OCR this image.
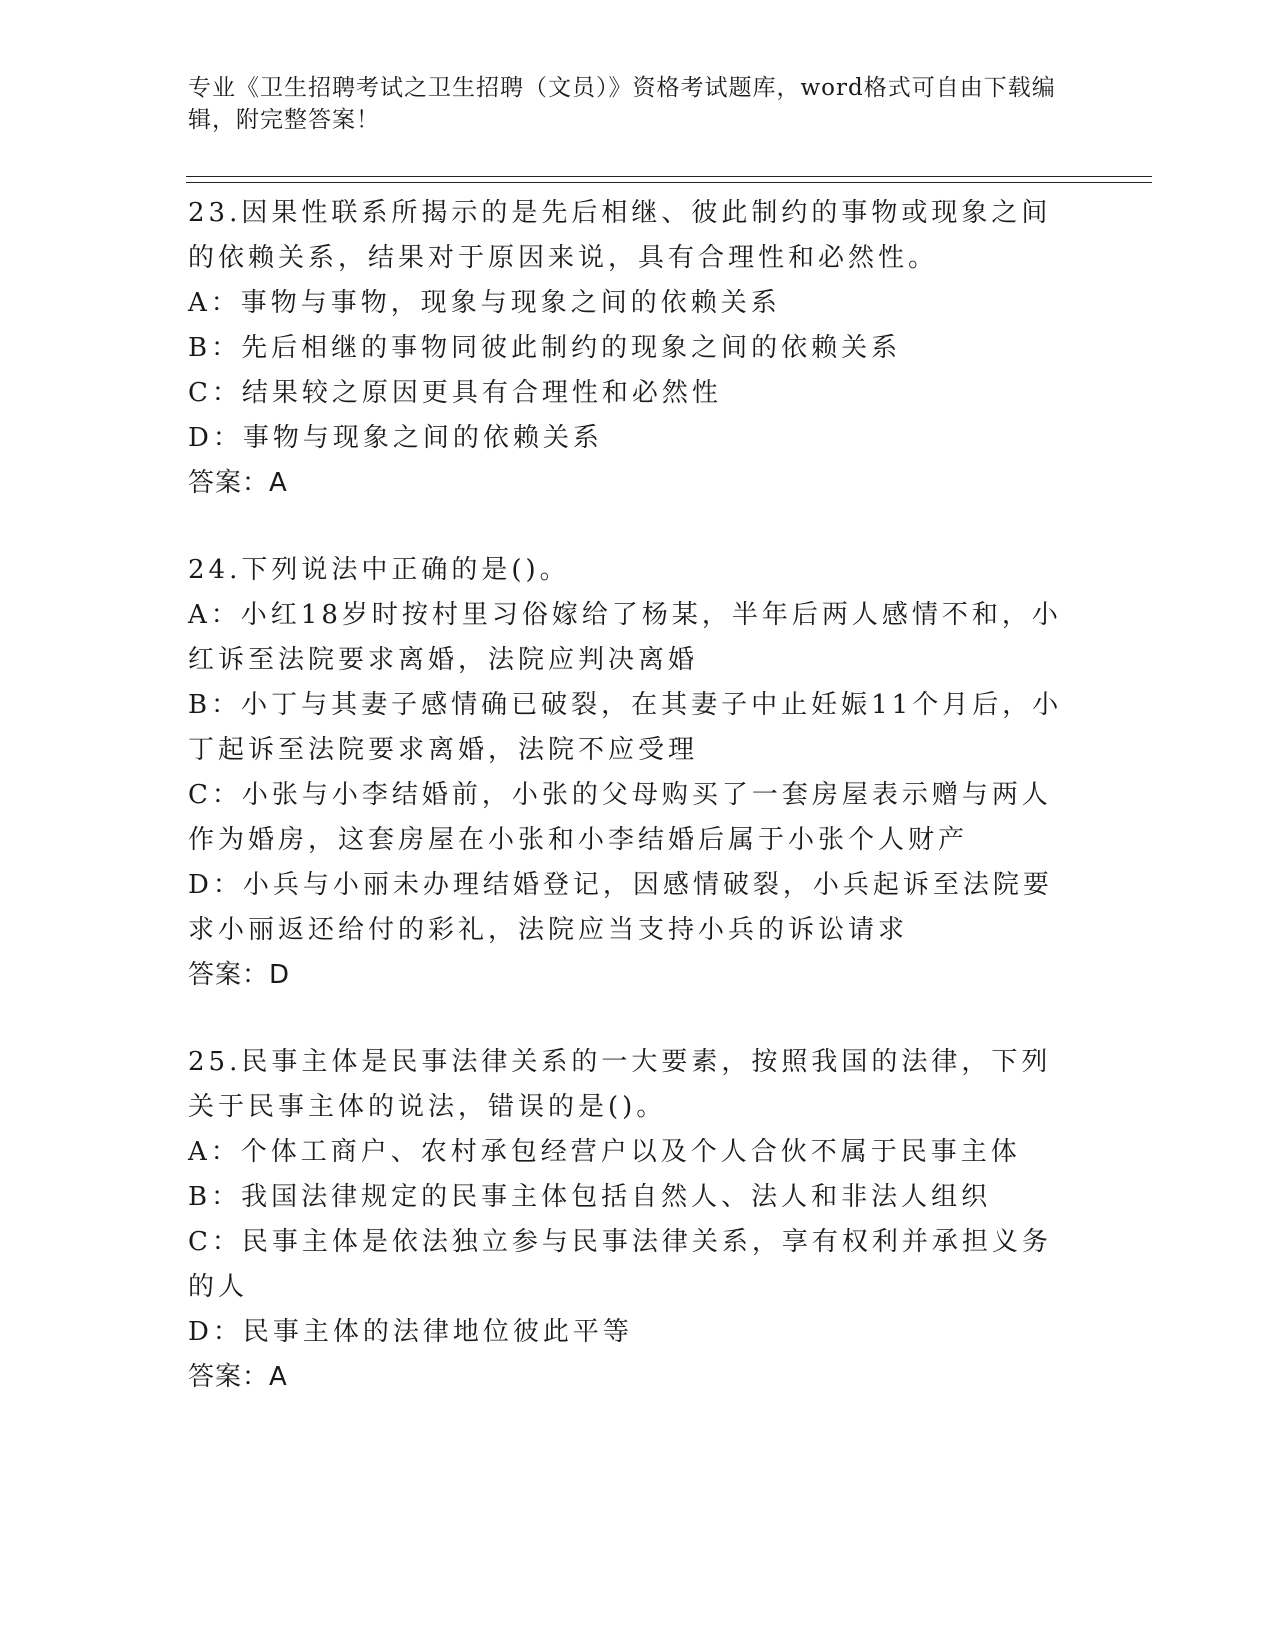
专业《卫生招聘考试之卫生招聘（文员）》资格考试题库，word格式可自由下载编辑，附完整答案！
23.因果性联系所揭示的是先后相继、彼此制约的事物或现象之间的依赖关系，结果对于原因来说，具有合理性和必然性。
A：事物与事物，现象与现象之间的依赖关系
B：先后相继的事物同彼此制约的现象之间的依赖关系
C：结果较之原因更具有合理性和必然性
D：事物与现象之间的依赖关系
答案：A
24.下列说法中正确的是()。
A：小红18岁时按村里习俗嫁给了杨某，半年后两人感情不和，小红诉至法院要求离婚，法院应判决离婚
B：小丁与其妻子感情确已破裂，在其妻子中止妊娠11个月后，小丁起诉至法院要求离婚，法院不应受理
C：小张与小李结婚前，小张的父母购买了一套房屋表示赠与两人作为婚房，这套房屋在小张和小李结婚后属于小张个人财产
D：小兵与小丽未办理结婚登记，因感情破裂，小兵起诉至法院要求小丽返还给付的彩礼，法院应当支持小兵的诉讼请求
答案：D
25.民事主体是民事法律关系的一大要素，按照我国的法律，下列关于民事主体的说法，错误的是()。
A：个体工商户、农村承包经营户以及个人合伙不属于民事主体
B：我国法律规定的民事主体包括自然人、法人和非法人组织
C：民事主体是依法独立参与民事法律关系，享有权利并承担义务的人
D：民事主体的法律地位彼此平等
答案：A
